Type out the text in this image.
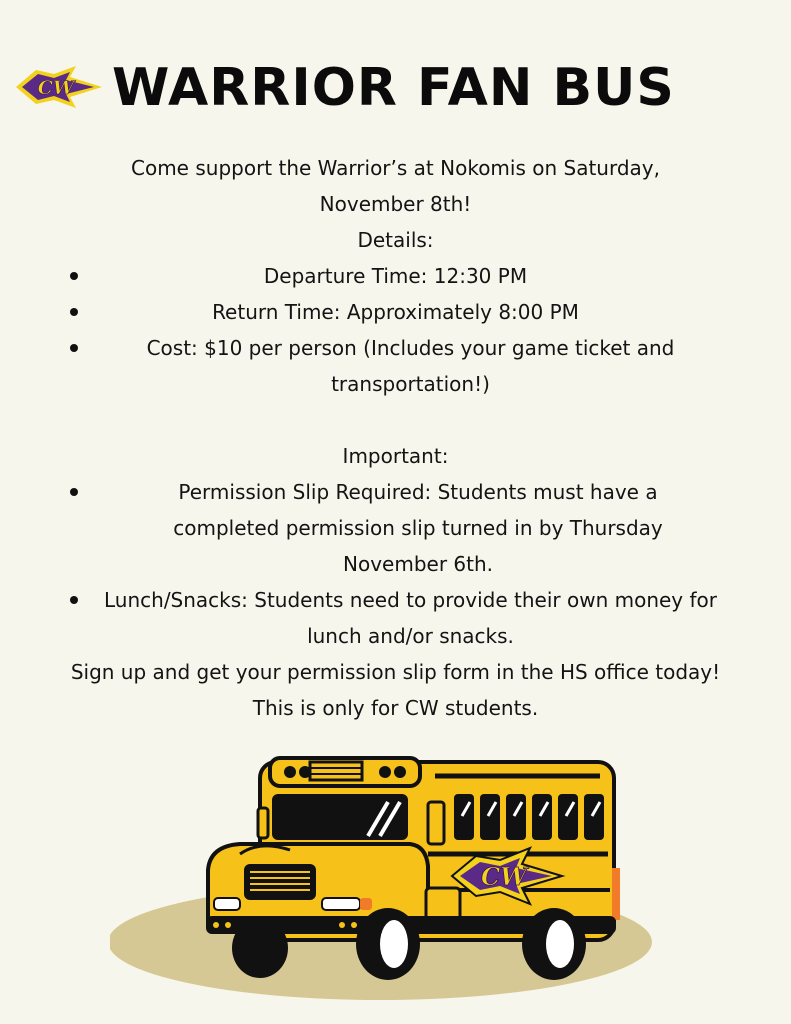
CW WARRIOR FAN BUS

Come support the Warrior’s at Nokomis on Saturday, November 8th!

Details:

Departure Time: 12:30 PM
Return Time: Approximately 8:00 PM
Cost: $10 per person (Includes your game ticket and transportation!)

Important:

Permission Slip Required: Students must have a completed permission slip turned in by Thursday November 6th.
Lunch/Snacks: Students need to provide their own money for lunch and/or snacks.

Sign up and get your permission slip form in the HS office today!

This is only for CW students.

CW
